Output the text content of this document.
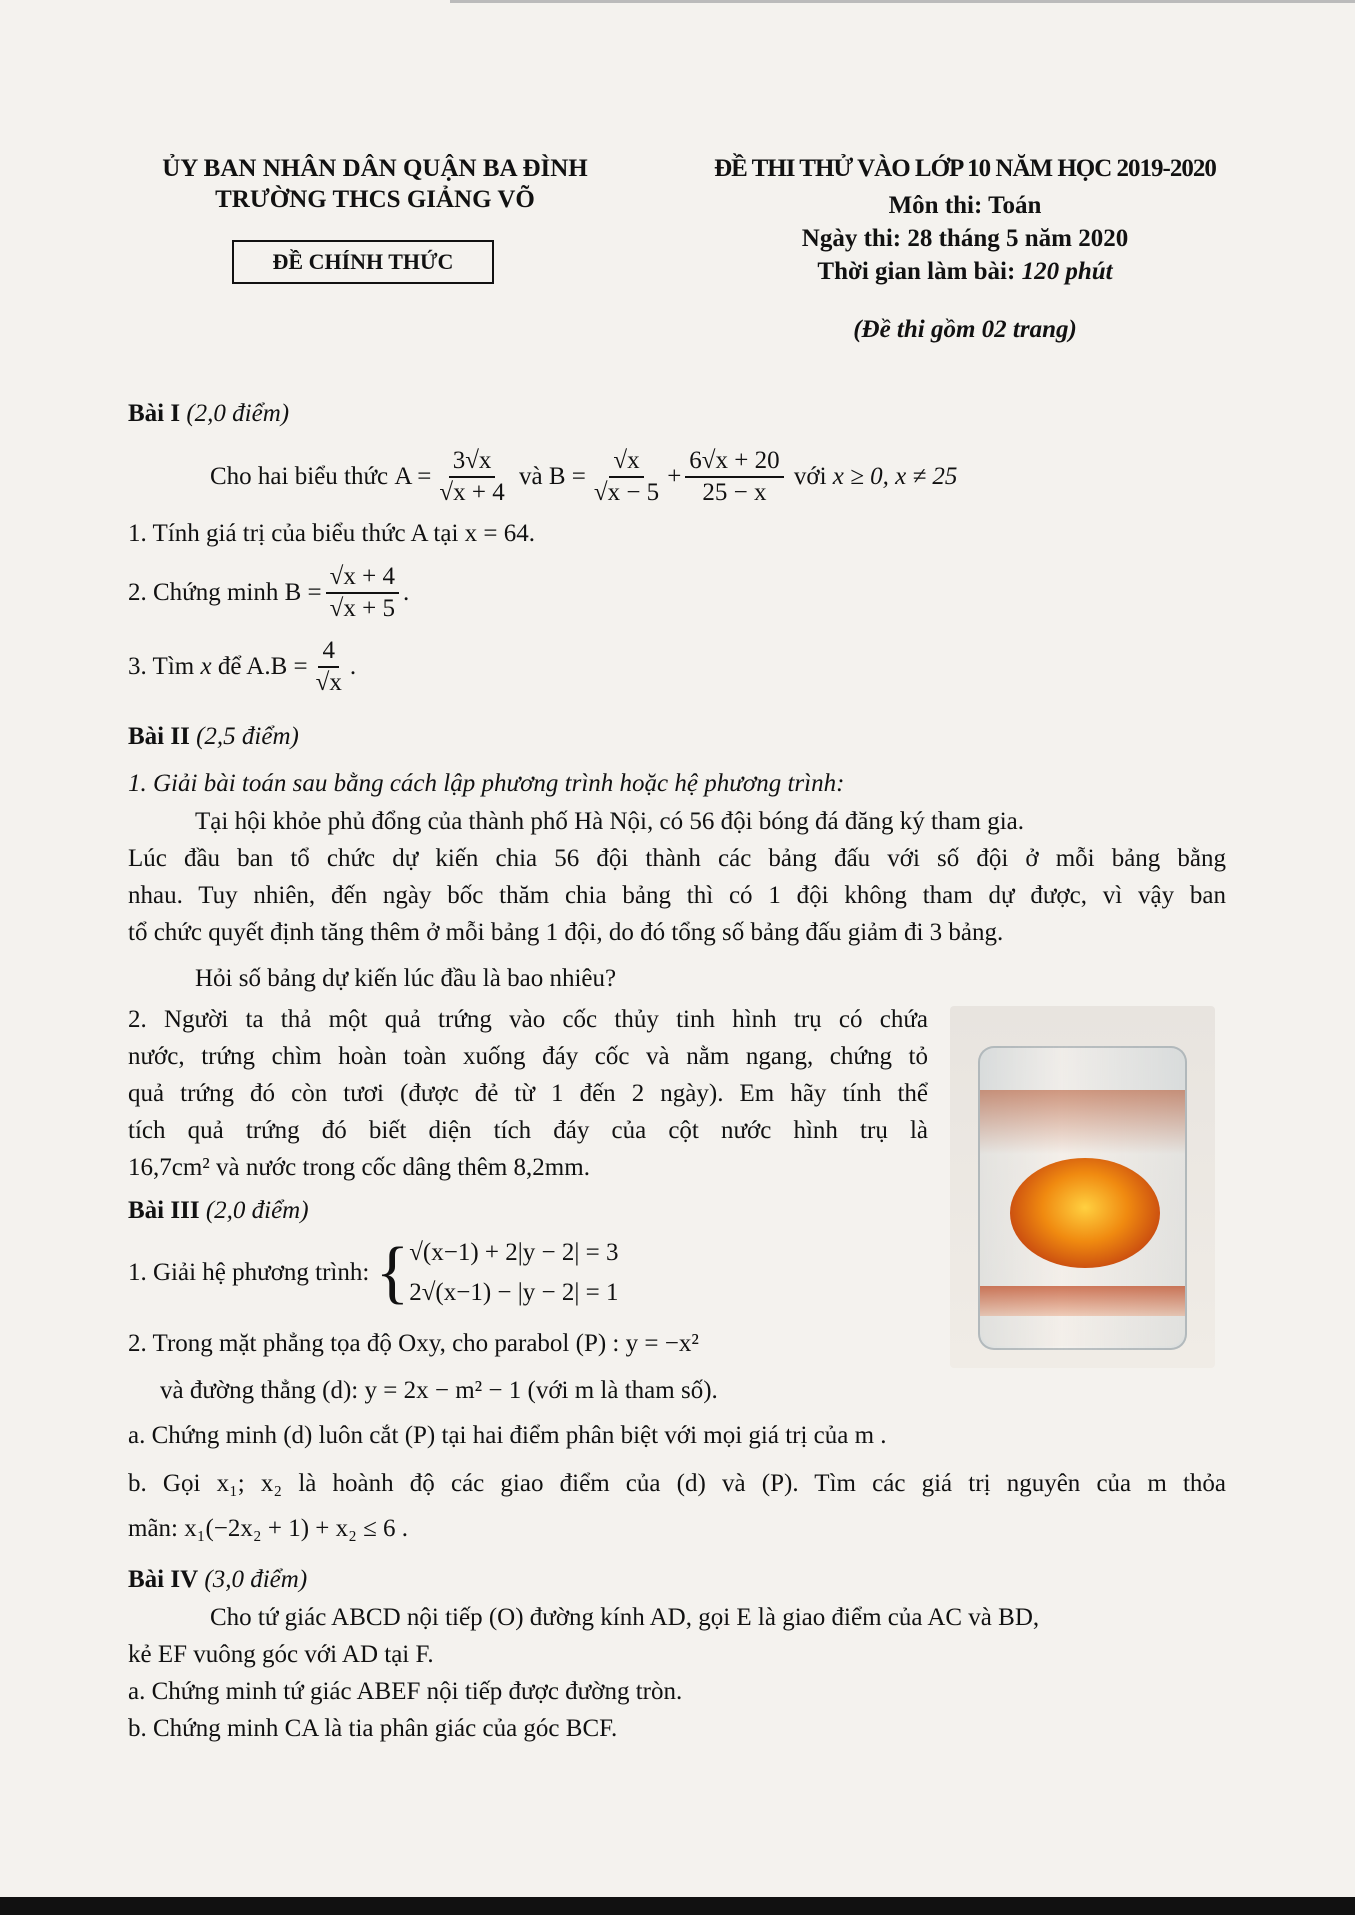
ỦY BAN NHÂN DÂN QUẬN BA ĐÌNH
TRƯỜNG THCS GIẢNG VÕ
ĐỀ CHÍNH THỨC
ĐỀ THI THỬ VÀO LỚP 10 NĂM HỌC 2019-2020
Môn thi: Toán
Ngày thi: 28 tháng 5 năm 2020
Thời gian làm bài: 120 phút
(Đề thi gồm 02 trang)
Bài I (2,0 điểm)
Cho hai biểu thức
$A = \frac{3√x}{√x + 4}$
và
$B = \frac{√x}{√x - 5} + \frac{6√x + 20}{25 - x}$
với
x ≥ 0, x ≠ 25
1. Tính giá trị của biểu thức A tại x = 64.
2. Chứng minh $B = \frac{√x + 4}{√x + 5}$ .
3. Tìm
x
để $A.B = \frac{4}{√x}$ .
Bài II (2,5 điểm)
1. Giải bài toán sau bằng cách lập phương trình hoặc hệ phương trình:
Tại hội khỏe phủ đổng của thành phố Hà Nội, có 56 đội bóng đá đăng ký tham gia.
Lúc đầu ban tổ chức dự kiến chia 56 đội thành các bảng đấu với số đội ở mỗi bảng bằng
nhau. Tuy nhiên, đến ngày bốc thăm chia bảng thì có 1 đội không tham dự được, vì vậy ban
tổ chức quyết định tăng thêm ở mỗi bảng 1 đội, do đó tổng số bảng đấu giảm đi 3 bảng.
Hỏi số bảng dự kiến lúc đầu là bao nhiêu?
2. Người ta thả một quả trứng vào cốc thủy tinh hình trụ có chứa
nước, trứng chìm hoàn toàn xuống đáy cốc và nằm ngang, chứng tỏ
quả trứng đó còn tươi (được đẻ từ 1 đến 2 ngày). Em hãy tính thể
tích quả trứng đó biết diện tích đáy của cột nước hình trụ là
16,7cm² và nước trong cốc dâng thêm 8,2mm.
Bài III (2,0 điểm)
1. Giải hệ phương trình:
{ √(x−1) + 2|y − 2| = 3
2√(x−1) − |y − 2| = 1
2. Trong mặt phẳng tọa độ Oxy, cho parabol (P) : y = −x²
và đường thẳng (d): y = 2x − m² − 1 (với m là tham số).
a. Chứng minh (d) luôn cắt (P) tại hai điểm phân biệt với mọi giá trị của m .
b. Gọi x₁; x₂ là hoành độ các giao điểm của (d) và (P). Tìm các giá trị nguyên của m thỏa
mãn: x₁(−2x₂ + 1) + x₂ ≤ 6 .
Bài IV (3,0 điểm)
Cho tứ giác ABCD nội tiếp (O) đường kính AD, gọi E là giao điểm của AC và BD,
kẻ EF vuông góc với AD tại F.
a. Chứng minh tứ giác ABEF nội tiếp được đường tròn.
b. Chứng minh CA là tia phân giác của góc BCF.
